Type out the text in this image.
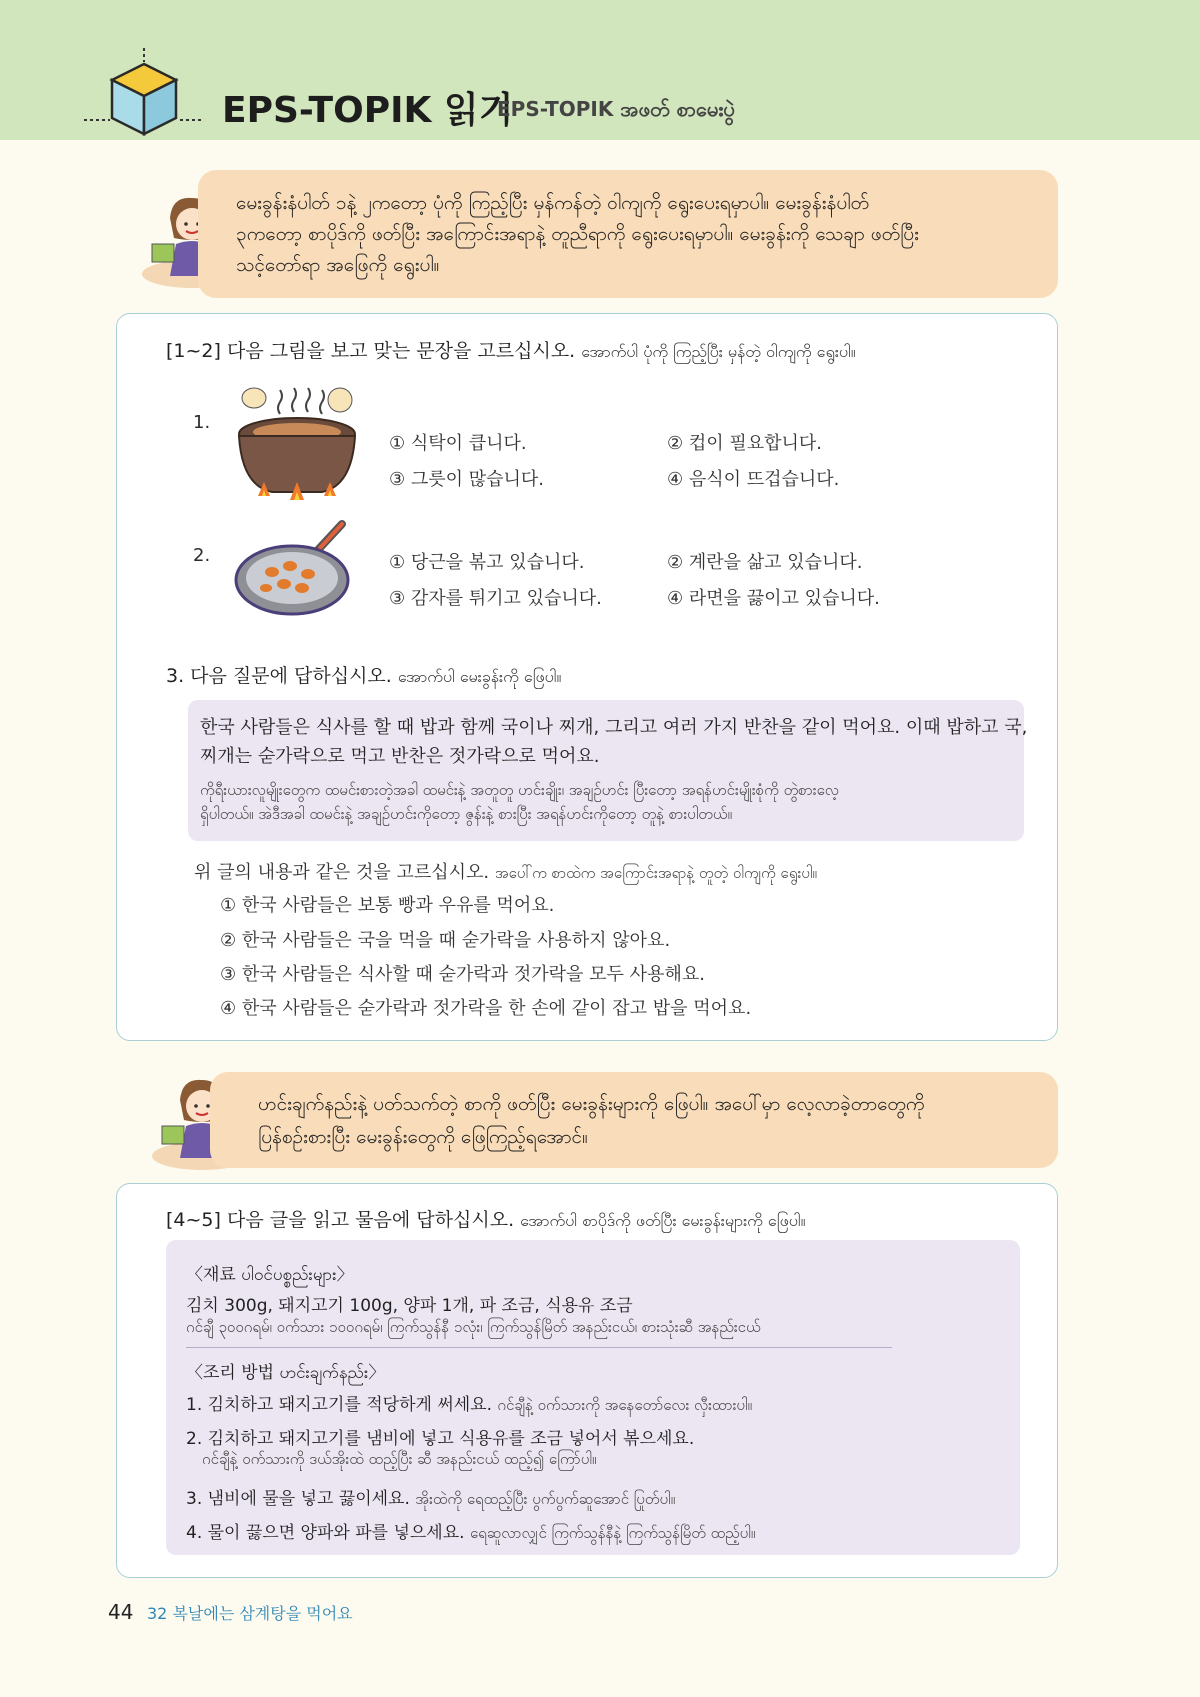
EPS-TOPIK 읽기
EPS-TOPIK အဖတ် စာမေးပွဲ
မေးခွန်းနံပါတ် ၁နဲ့ ၂ကတော့ ပုံကို ကြည့်ပြီး မှန်ကန်တဲ့ ဝါကျကို ရွေးပေးရမှာပါ။ မေးခွန်းနံပါတ်
၃ကတော့ စာပိုဒ်ကို ဖတ်ပြီး အကြောင်းအရာနဲ့ တူညီရာကို ရွေးပေးရမှာပါ။ မေးခွန်းကို သေချာ ဖတ်ပြီး
သင့်တော်ရာ အဖြေကို ရွေးပါ။
[1~2] 다음 그림을 보고 맞는 문장을 고르십시오. အောက်ပါ ပုံကို ကြည့်ပြီး မှန်တဲ့ ဝါကျကို ရွေးပါ။
1.
① 식탁이 큽니다.	② 컵이 필요합니다.
③ 그릇이 많습니다.	④ 음식이 뜨겁습니다.
2.	① 당근을 볶고 있습니다.	② 계란을 삶고 있습니다.
③ 감자를 튀기고 있습니다.	④ 라면을 끓이고 있습니다.
3. 다음 질문에 답하십시오. အောက်ပါ မေးခွန်းကို ဖြေပါ။
한국 사람들은 식사를 할 때 밥과 함께 국이나 찌개, 그리고 여러 가지 반찬을 같이 먹어요. 이때 밥하고 국,
찌개는 숟가락으로 먹고 반찬은 젓가락으로 먹어요.
ကိုရီးယားလူမျိုးတွေက ထမင်းစားတဲ့အခါ ထမင်းနဲ့ အတူတူ ဟင်းချိုး၊ အချဉ်ဟင်း ပြီးတော့ အရန်ဟင်းမျိုးစုံကို တွဲစားလေ့
ရှိပါတယ်။ အဲဒီအခါ ထမင်းနဲ့ အချဉ်ဟင်းကိုတော့ ဇွန်းနဲ့ စားပြီး အရန်ဟင်းကိုတော့ တူနဲ့ စားပါတယ်။
위 글의 내용과 같은 것을 고르십시오. အပေါ်က စာထဲက အကြောင်းအရာနဲ့ တူတဲ့ ဝါကျကို ရွေးပါ။
① 한국 사람들은 보통 빵과 우유를 먹어요.
② 한국 사람들은 국을 먹을 때 숟가락을 사용하지 않아요.
③ 한국 사람들은 식사할 때 숟가락과 젓가락을 모두 사용해요.
④ 한국 사람들은 숟가락과 젓가락을 한 손에 같이 잡고 밥을 먹어요.
ဟင်းချက်နည်းနဲ့ ပတ်သက်တဲ့ စာကို ဖတ်ပြီး မေးခွန်းများကို ဖြေပါ။ အပေါ်မှာ လေ့လာခဲ့တာတွေကို
ပြန်စဉ်းစားပြီး မေးခွန်းတွေကို ဖြေကြည့်ရအောင်။
[4~5] 다음 글을 읽고 물음에 답하십시오. အောက်ပါ စာပိုဒ်ကို ဖတ်ပြီး မေးခွန်းများကို ဖြေပါ။
〈재료 ပါဝင်ပစ္စည်းများ〉
김치 300g, 돼지고기 100g, 양파 1개, 파 조금, 식용유 조금
ဂင်ချီ ၃၀၀ဂရမ်၊ ဝက်သား ၁၀၀ဂရမ်၊ ကြက်သွန်နီ ၁လုံး၊ ကြက်သွန်မြိတ် အနည်းငယ်၊ စားသုံးဆီ အနည်းငယ်
〈조리 방법 ဟင်းချက်နည်း〉
1. 김치하고 돼지고기를 적당하게 써세요. ဂင်ချီနဲ့ ဝက်သားကို အနေတော်လေး လှီးထားပါ။
2. 김치하고 돼지고기를 냄비에 넣고 식용유를 조금 넣어서 볶으세요.
ဂင်ချီနဲ့ ဝက်သားကို ဒယ်အိုးထဲ ထည့်ပြီး ဆီ အနည်းငယ် ထည့်၍ ကြော်ပါ။
3. 냄비에 물을 넣고 끓이세요. အိုးထဲကို ရေထည့်ပြီး ပွက်ပွက်ဆူအောင် ပြုတ်ပါ။
4. 물이 끓으면 양파와 파를 넣으세요. ရေဆူလာလျှင် ကြက်သွန်နီနဲ့ ကြက်သွန်မြိတ် ထည့်ပါ။
44 32 복날에는 삼계탕을 먹어요
